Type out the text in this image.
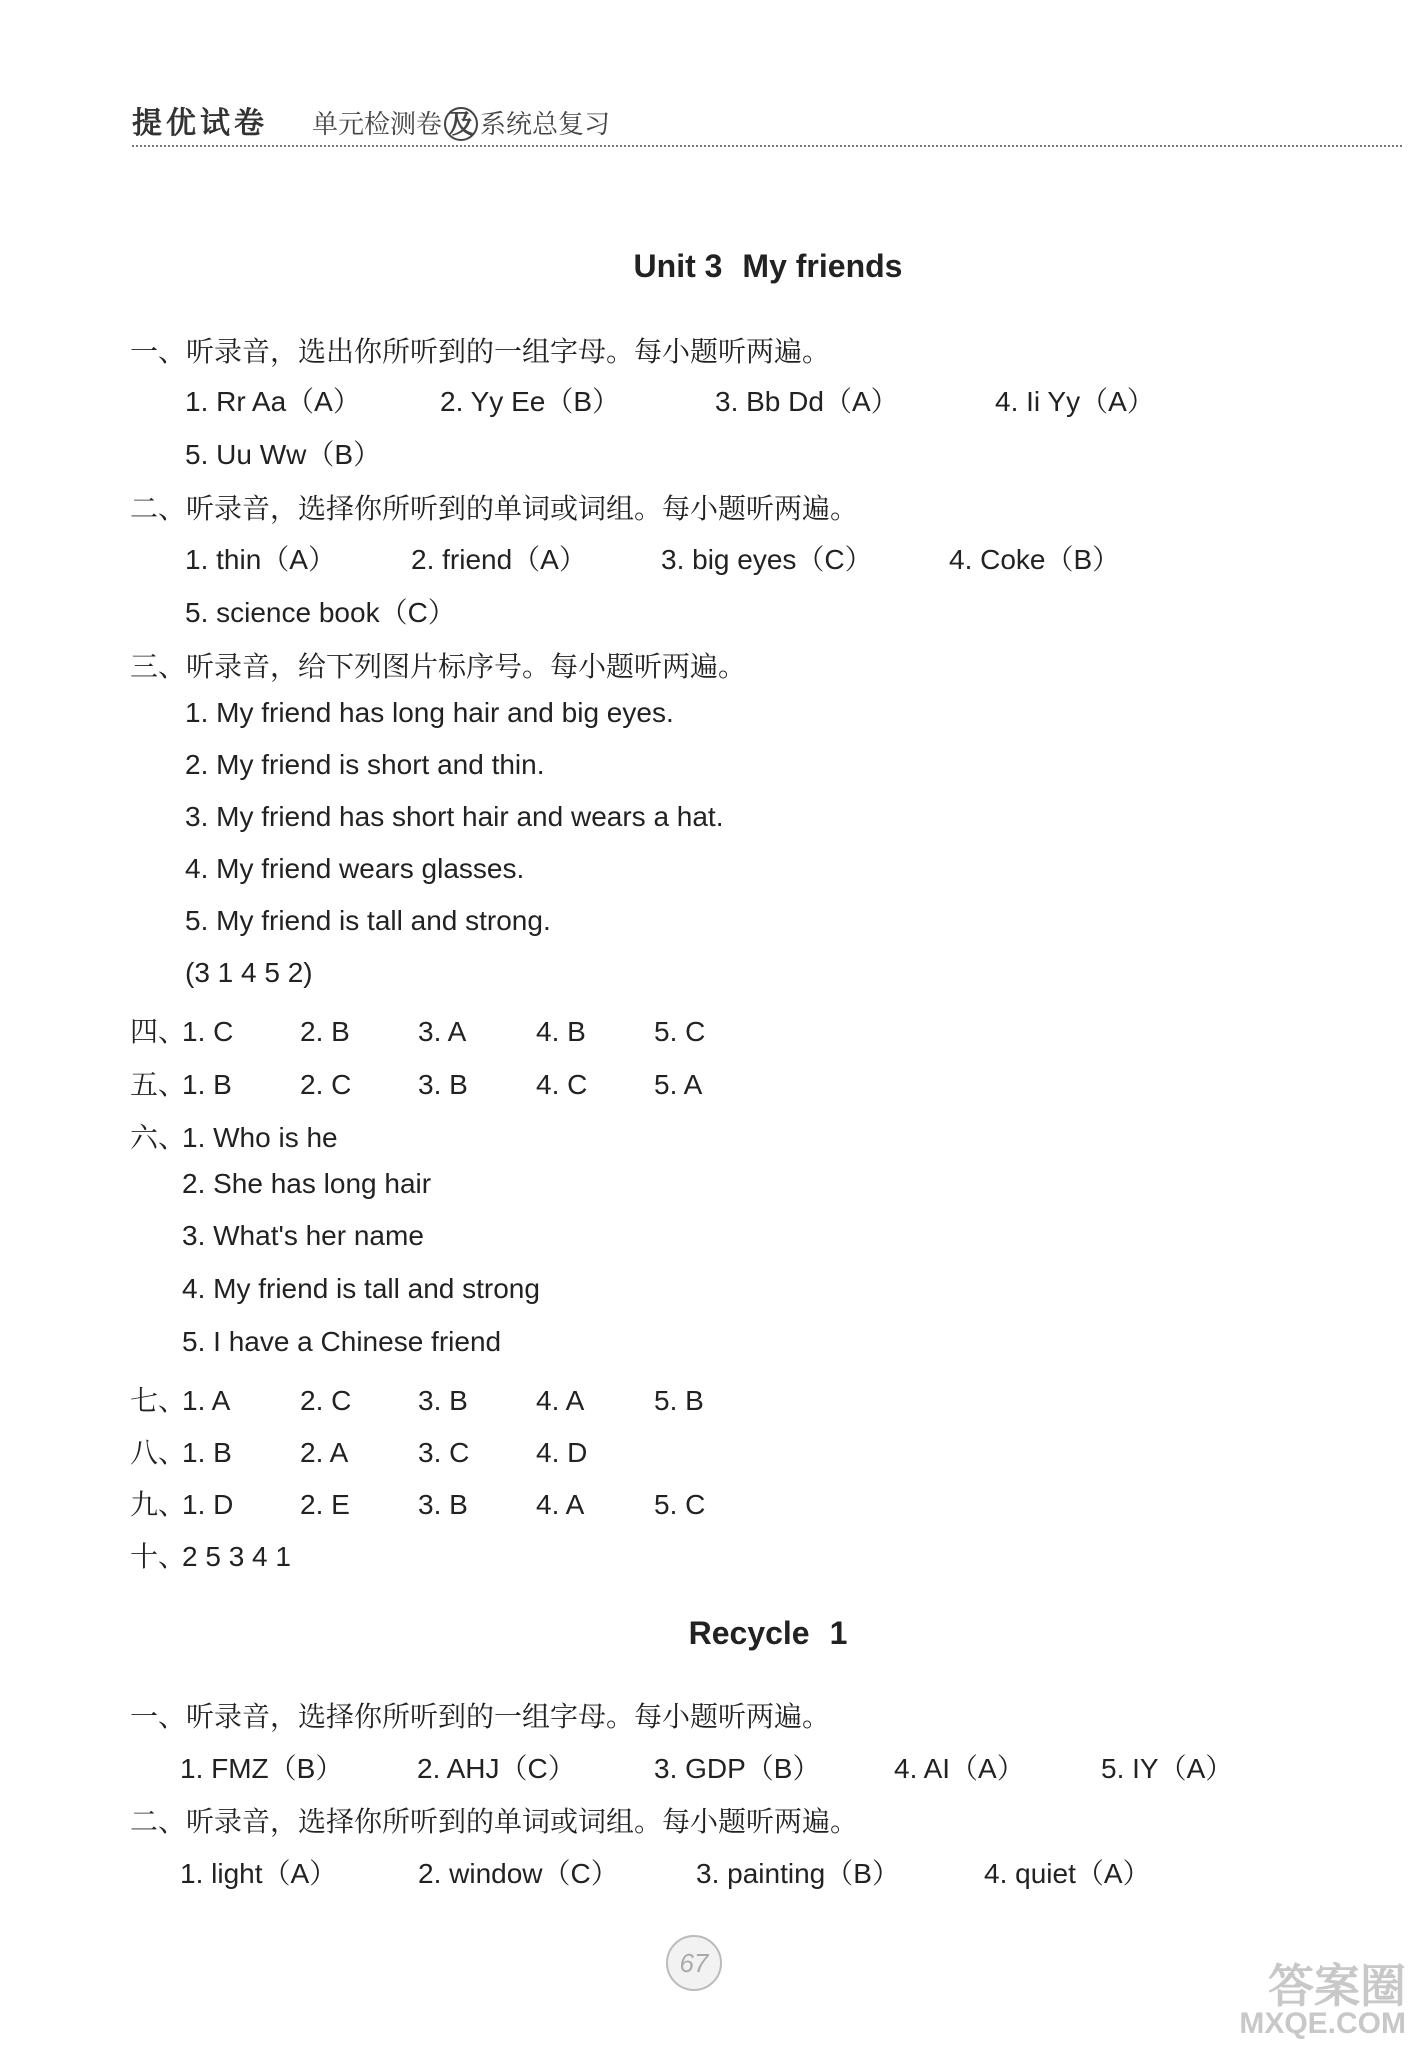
提优试卷 单元检测卷 及 系统总复习
Unit 3 My friends
一、听录音，选出你所听到的一组字母。每小题听两遍。
1. Rr Aa（A）	2. Yy Ee（B）	3. Bb Dd（A）	4. Ii Yy（A）
5. Uu Ww（B）
二、听录音，选择你所听到的单词或词组。每小题听两遍。
1. thin（A）	2. friend（A）	3. big eyes（C）	4. Coke（B）
5. science book（C）
三、听录音，给下列图片标序号。每小题听两遍。
1. My friend has long hair and big eyes.
2. My friend is short and thin.
3. My friend has short hair and wears a hat.
4. My friend wears glasses.
5. My friend is tall and strong.
(3 1 4 5 2)
四、1. C 2. B 3. A 4. B 5. C
五、1. B 2. C 3. B 4. C 5. A
六、1. Who is he
2. She has long hair
3. What's her name
4. My friend is tall and strong
5. I have a Chinese friend
七、1. A 2. C 3. B 4. A 5. B
八、1. B 2. A 3. C 4. D
九、1. D 2. E 3. B 4. A 5. C
十、2 5 3 4 1
Recycle 1
一、听录音，选择你所听到的一组字母。每小题听两遍。
1. FMZ（B）	2. AHJ（C）	3. GDP（B）	4. AI（A）	5. IY（A）
二、听录音，选择你所听到的单词或词组。每小题听两遍。
1. light（A）	2. window（C）	3. painting（B）	4. quiet（A）
67	答案圈
MXQE.COM
